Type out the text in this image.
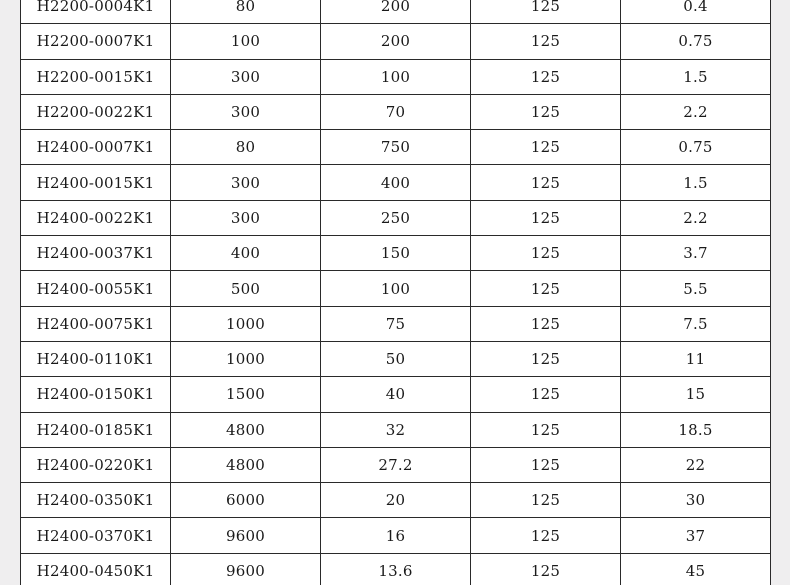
H2200-0004K1	80	200	125	0.4
H2200-0007K1	100	200	125	0.75
H2200-0015K1	300	100	125	1.5
H2200-0022K1	300	70	125	2.2
H2400-0007K1	80	750	125	0.75
H2400-0015K1	300	400	125	1.5
H2400-0022K1	300	250	125	2.2
H2400-0037K1	400	150	125	3.7
H2400-0055K1	500	100	125	5.5
H2400-0075K1	1000	75	125	7.5
H2400-0110K1	1000	50	125	11
H2400-0150K1	1500	40	125	15
H2400-0185K1	4800	32	125	18.5
H2400-0220K1	4800	27.2	125	22
H2400-0350K1	6000	20	125	30
H2400-0370K1	9600	16	125	37
H2400-0450K1	9600	13.6	125	45
